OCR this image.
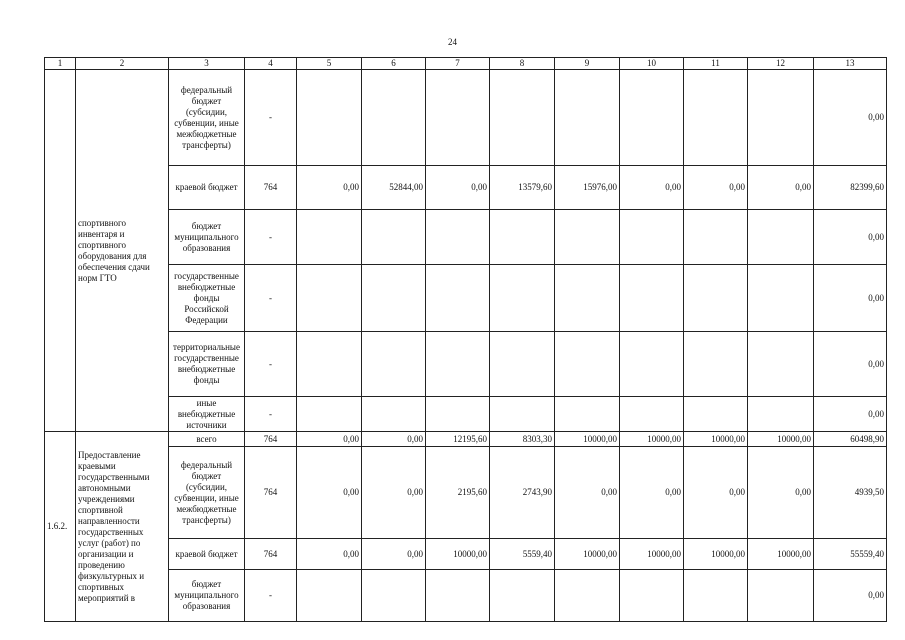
24
1	2	3	4	5	6	7	8	9	10	11	12	13
	спортивного инвентаря и спортивного оборудования для обеспечения сдачи норм ГТО	федеральный бюджет (субсидии, субвенции, иные межбюджетные трансферты)	-									0,00
		краевой бюджет	764	0,00	52844,00	0,00	13579,60	15976,00	0,00	0,00	0,00	82399,60
		бюджет муниципального образования	-									0,00
		государственные внебюджетные фонды Российской Федерации	-									0,00
		территориальные государственные внебюджетные фонды	-									0,00
		иные внебюджетные источники	-									0,00
1.6.2.	Предоставление краевыми государственными автономными учреждениями спортивной направленности государственных услуг (работ) по организации и проведению физкультурных и спортивных мероприятий в	всего	764	0,00	0,00	12195,60	8303,30	10000,00	10000,00	10000,00	10000,00	60498,90
		федеральный бюджет (субсидии, субвенции, иные межбюджетные трансферты)	764	0,00	0,00	2195,60	2743,90	0,00	0,00	0,00	0,00	4939,50
		краевой бюджет	764	0,00	0,00	10000,00	5559,40	10000,00	10000,00	10000,00	10000,00	55559,40
		бюджет муниципального образования	-									0,00
